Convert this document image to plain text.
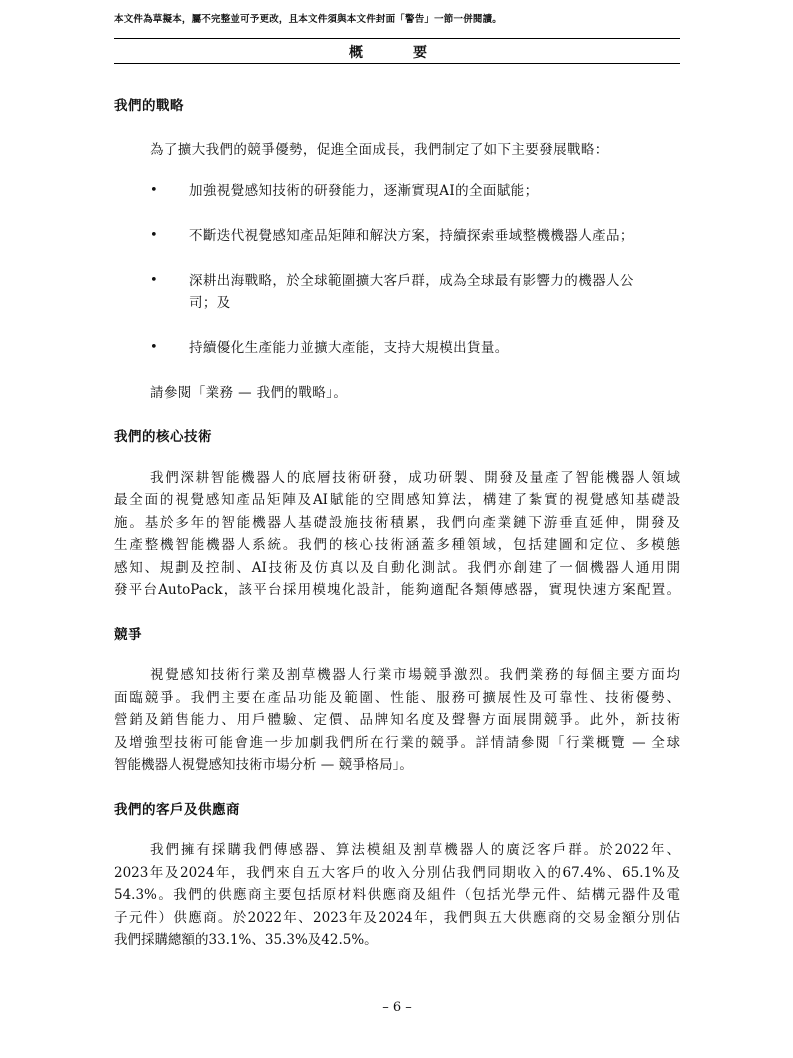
本文件為草擬本，屬不完整並可予更改，且本文件須與本文件封面「警告」一節一併閱讀。
概　要
我們的戰略
為了擴大我們的競爭優勢，促進全面成長，我們制定了如下主要發展戰略：
• 加強視覺感知技術的研發能力，逐漸實現AI的全面賦能；
• 不斷迭代視覺感知產品矩陣和解決方案，持續探索垂域整機機器人產品；
• 深耕出海戰略，於全球範圍擴大客戶群，成為全球最有影響力的機器人公
司；及
• 持續優化生產能力並擴大產能，支持大規模出貨量。
請參閱「業務 — 我們的戰略」。
我們的核心技術
我們深耕智能機器人的底層技術研發，成功研製、開發及量產了智能機器人領域
最全面的視覺感知產品矩陣及AI賦能的空間感知算法，構建了紮實的視覺感知基礎設
施。基於多年的智能機器人基礎設施技術積累，我們向產業鏈下游垂直延伸，開發及
生產整機智能機器人系統。我們的核心技術涵蓋多種領域，包括建圖和定位、多模態
感知、規劃及控制、AI技術及仿真以及自動化測試。我們亦創建了一個機器人通用開
發平台AutoPack，該平台採用模塊化設計，能夠適配各類傳感器，實現快速方案配置。
競爭
視覺感知技術行業及割草機器人行業市場競爭激烈。我們業務的每個主要方面均
面臨競爭。我們主要在產品功能及範圍、性能、服務可擴展性及可靠性、技術優勢、
營銷及銷售能力、用戶體驗、定價、品牌知名度及聲譽方面展開競爭。此外，新技術
及增強型技術可能會進一步加劇我們所在行業的競爭。詳情請參閱「行業概覽 — 全球
智能機器人視覺感知技術市場分析 — 競爭格局」。
我們的客戶及供應商
我們擁有採購我們傳感器、算法模組及割草機器人的廣泛客戶群。於2022年、
2023年及2024年，我們來自五大客戶的收入分別佔我們同期收入的67.4%、65.1%及
54.3%。我們的供應商主要包括原材料供應商及組件（包括光學元件、結構元器件及電
子元件）供應商。於2022年、2023年及2024年，我們與五大供應商的交易金額分別佔
我們採購總額的33.1%、35.3%及42.5%。
– 6 –
